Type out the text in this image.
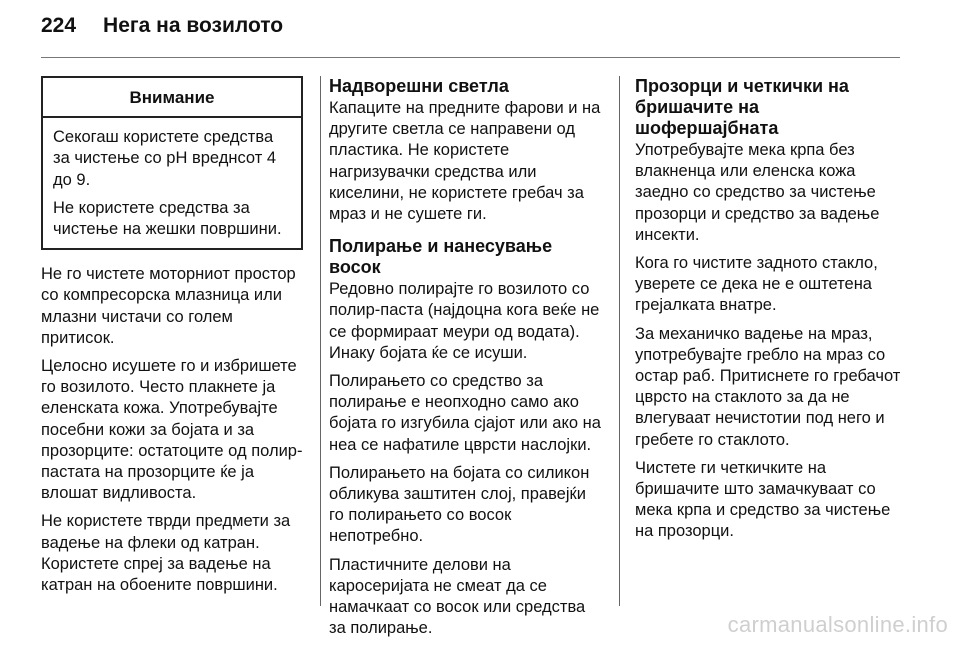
224 Нега на возилото
Внимание

Секогаш користете средства за чистење со pH вреднсот 4 до 9.

Не користете средства за чистење на жешки површини.

Не го чистете моторниот простор со компресорска млазница или млазни чистачи со голем притисок.

Целосно исушете го и избришете го возилото. Често плакнете ја еленската кожа. Употребувајте посебни кожи за бојата и за прозорците: остатоците од полир-пастата на прозорците ќе ја влошат видливоста.

Не користете тврди предмети за вадење на флеки од катран. Користете спреј за вадење на катран на обоените површини.

Надворешни светла

Капаците на предните фарови и на другите светла се направени од пластика. Не користете нагризувачки средства или киселини, не користете гребач за мраз и не сушете ги.

Полирање и нанесување восок

Редовно полирајте го возилото со полир-паста (најдоцна кога веќе не се формираат меури од водата). Инаку бојата ќе се исуши.

Полирањето со средство за полирање е неопходно само ако бојата го изгубила сјајот или ако на неа се нафатиле цврсти наслојки.

Полирањето на бојата со силикон обликува заштитен слој, правејќи го полирањето со восок непотребно.

Пластичните делови на каросеријата не смеат да се намачкаат со восок или средства за полирање.

Прозорци и четкички на бришачите на шофершајбната

Употребувајте мека крпа без влакненца или еленска кожа заедно со средство за чистење прозорци и средство за вадење инсекти.

Кога го чистите задното стакло, уверете се дека не е оштетена грејалката внатре.

За механичко вадење на мраз, употребувајте гребло на мраз со остар раб. Притиснете го гребачот цврсто на стаклото за да не влегуваат нечистотии под него и гребете го стаклото.

Чистете ги четкичките на бришачите што замачкуваат со мека крпа и средство за чистење на прозорци.

carmanualsonline.info
